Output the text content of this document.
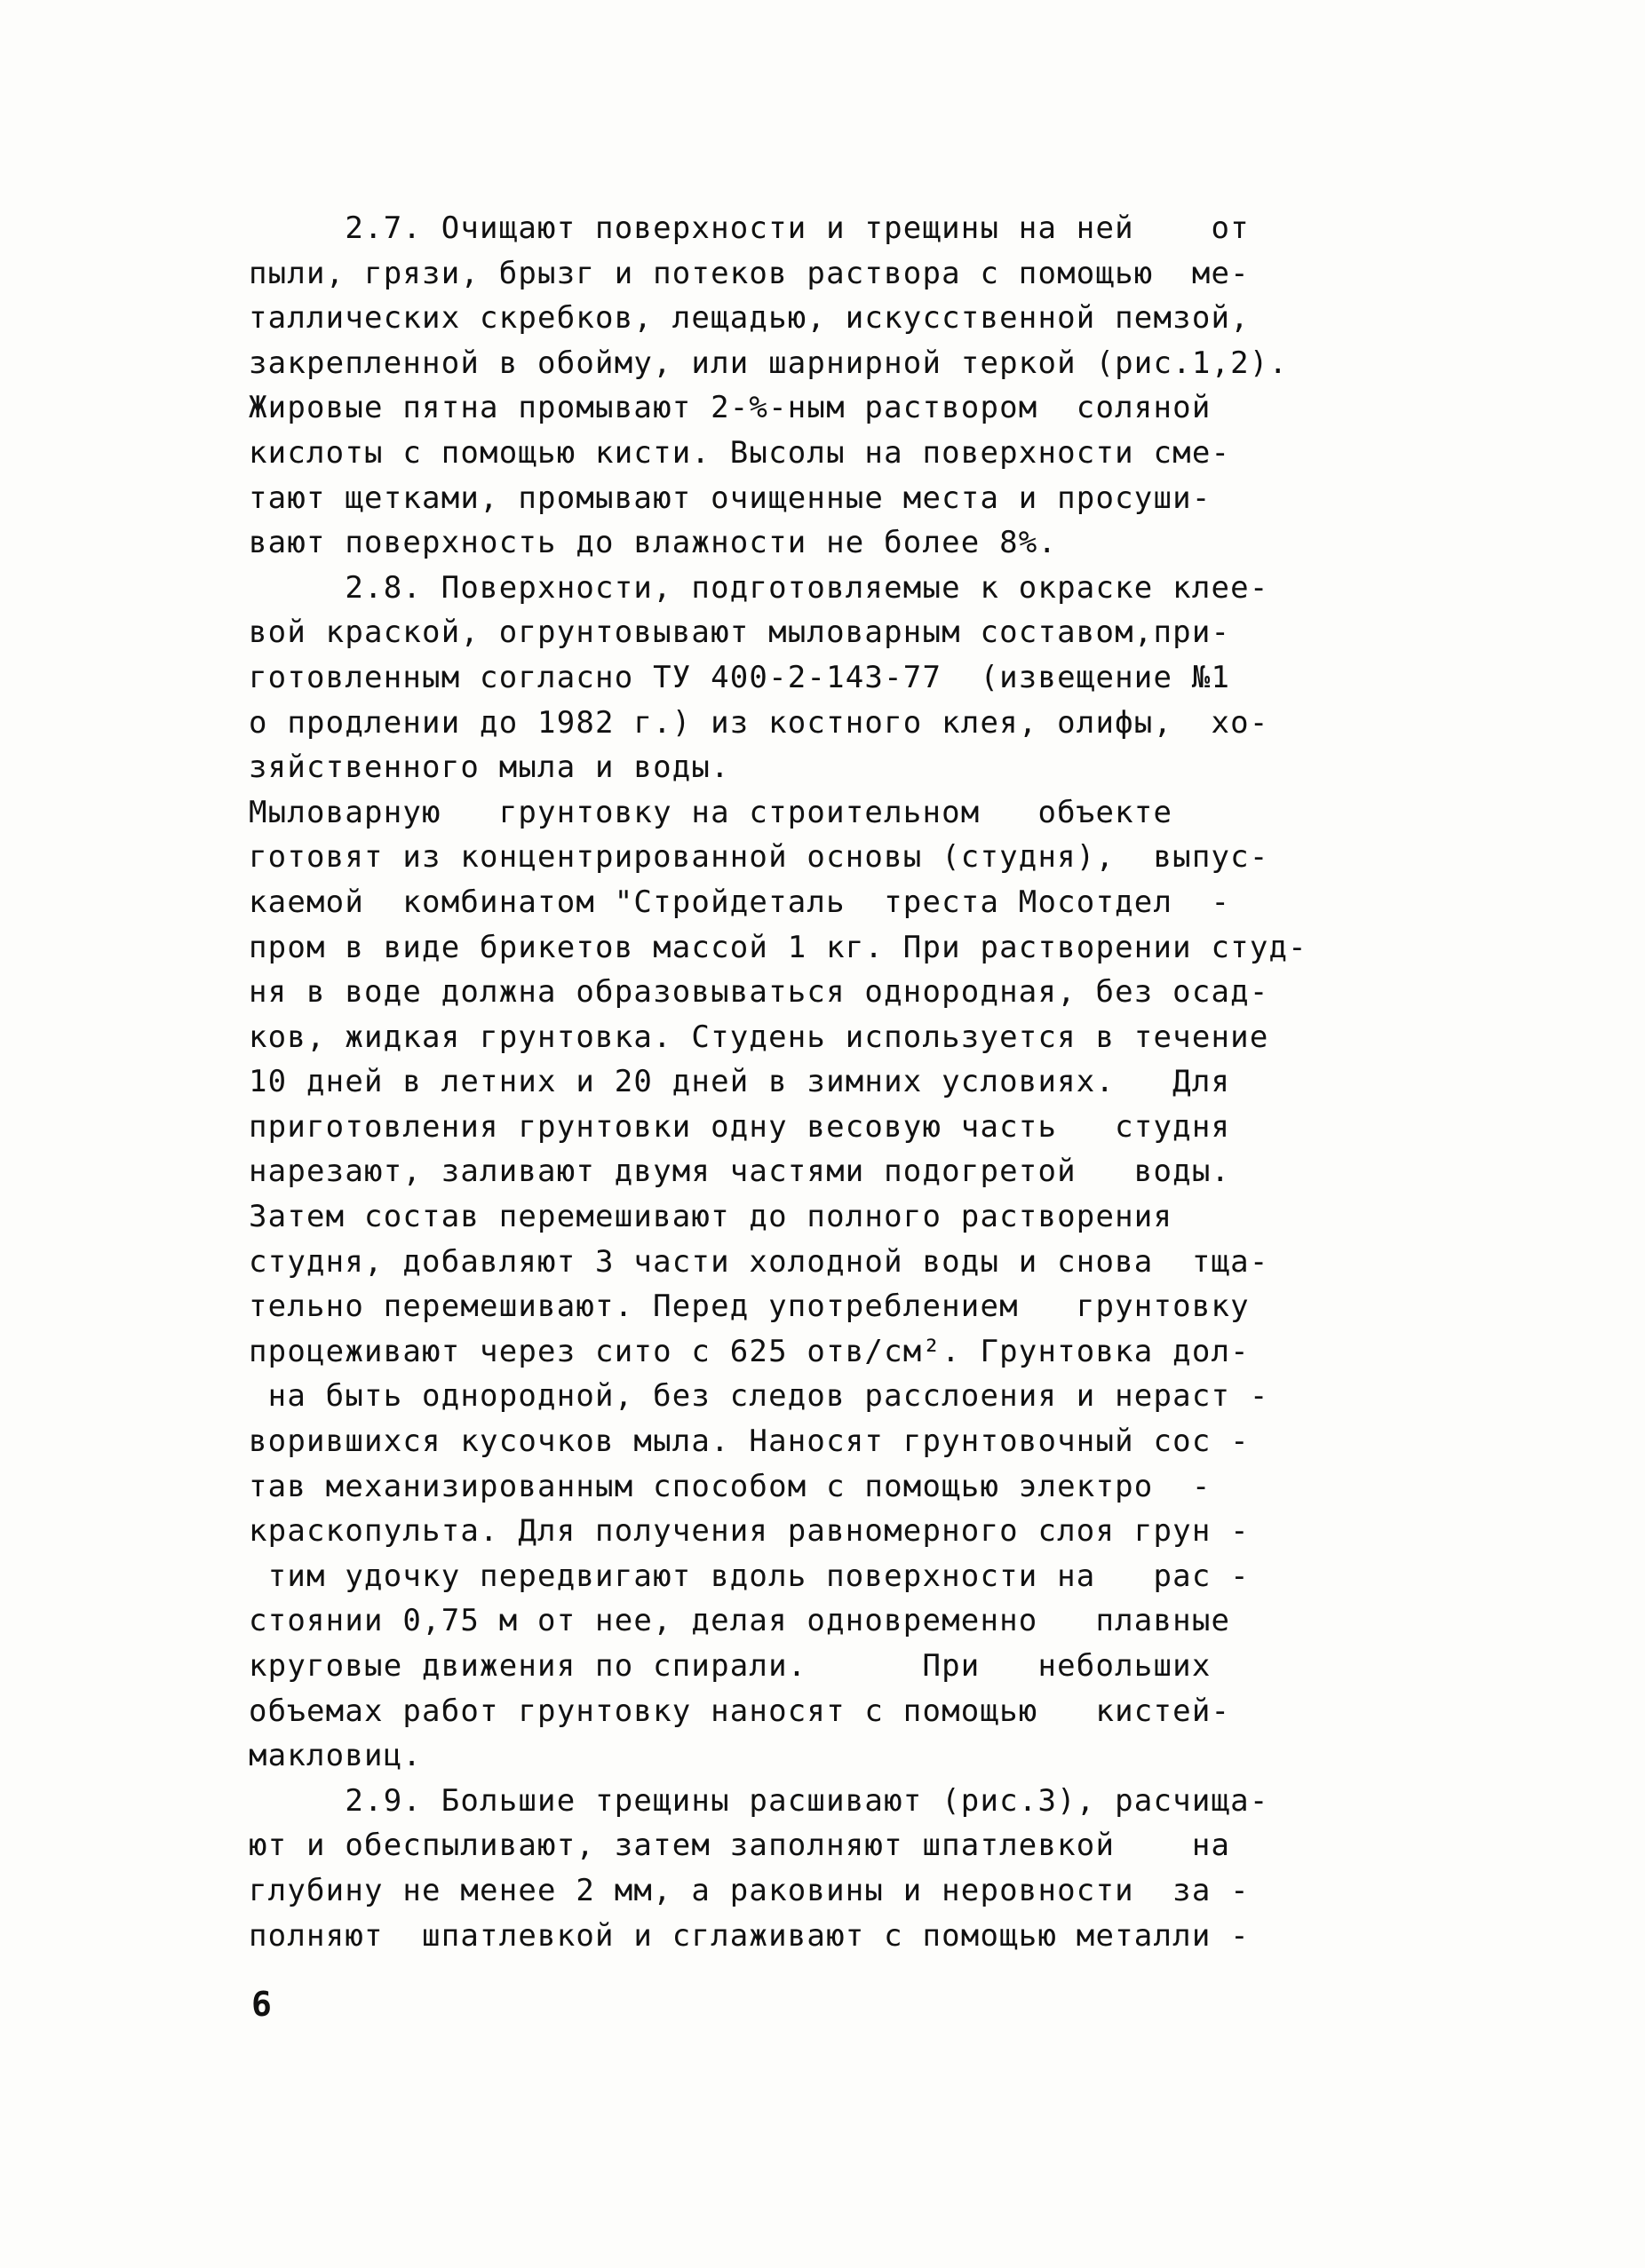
2.7. Очищают поверхности и трещины на ней    от
пыли, грязи, брызг и потеков раствора с помощью  ме-
таллических скребков, лещадью, искусственной пемзой,
закрепленной в обойму, или шарнирной теркой (рис.1,2).
Жировые пятна промывают 2-%-ным раствором  соляной
кислоты с помощью кисти. Высолы на поверхности сме-
тают щетками, промывают очищенные места и просуши-
вают поверхность до влажности не более 8%.
2.8. Поверхности, подготовляемые к окраске клее-
вой краской, огрунтовывают мыловарным составом,при-
готовленным согласно ТУ 400-2-143-77  (извещение №1
о продлении до 1982 г.) из костного клея, олифы,  хо-
зяйственного мыла и воды.
Мыловарную   грунтовку на строительном   объекте
готовят из концентрированной основы (студня),  выпус-
каемой  комбинатом "Стройдеталь  треста Мосотдел  -
пром в виде брикетов массой 1 кг. При растворении студ-
ня в воде должна образовываться однородная, без осад-
ков, жидкая грунтовка. Студень используется в течение
10 дней в летних и 20 дней в зимних условиях.   Для
приготовления грунтовки одну весовую часть   студня
нарезают, заливают двумя частями подогретой   воды.
Затем состав перемешивают до полного растворения
студня, добавляют 3 части холодной воды и снова  тща-
тельно перемешивают. Перед употреблением   грунтовку
процеживают через сито с 625 отв/см². Грунтовка дол-
на быть однородной, без следов расслоения и нераст -
ворившихся кусочков мыла. Наносят грунтовочный сос -
тав механизированным способом с помощью электро  -
краскопульта. Для получения равномерного слоя грун -
тим удочку передвигают вдоль поверхности на   рас -
стоянии 0,75 м от нее, делая одновременно   плавные
круговые движения по спирали.      При   небольших
объемах работ грунтовку наносят с помощью   кистей-
макловиц.
2.9. Большие трещины расшивают (рис.3), расчища-
ют и обеспыливают, затем заполняют шпатлевкой    на
глубину не менее 2 мм, а раковины и неровности  за -
полняют  шпатлевкой и сглаживают с помощью металли -
6
